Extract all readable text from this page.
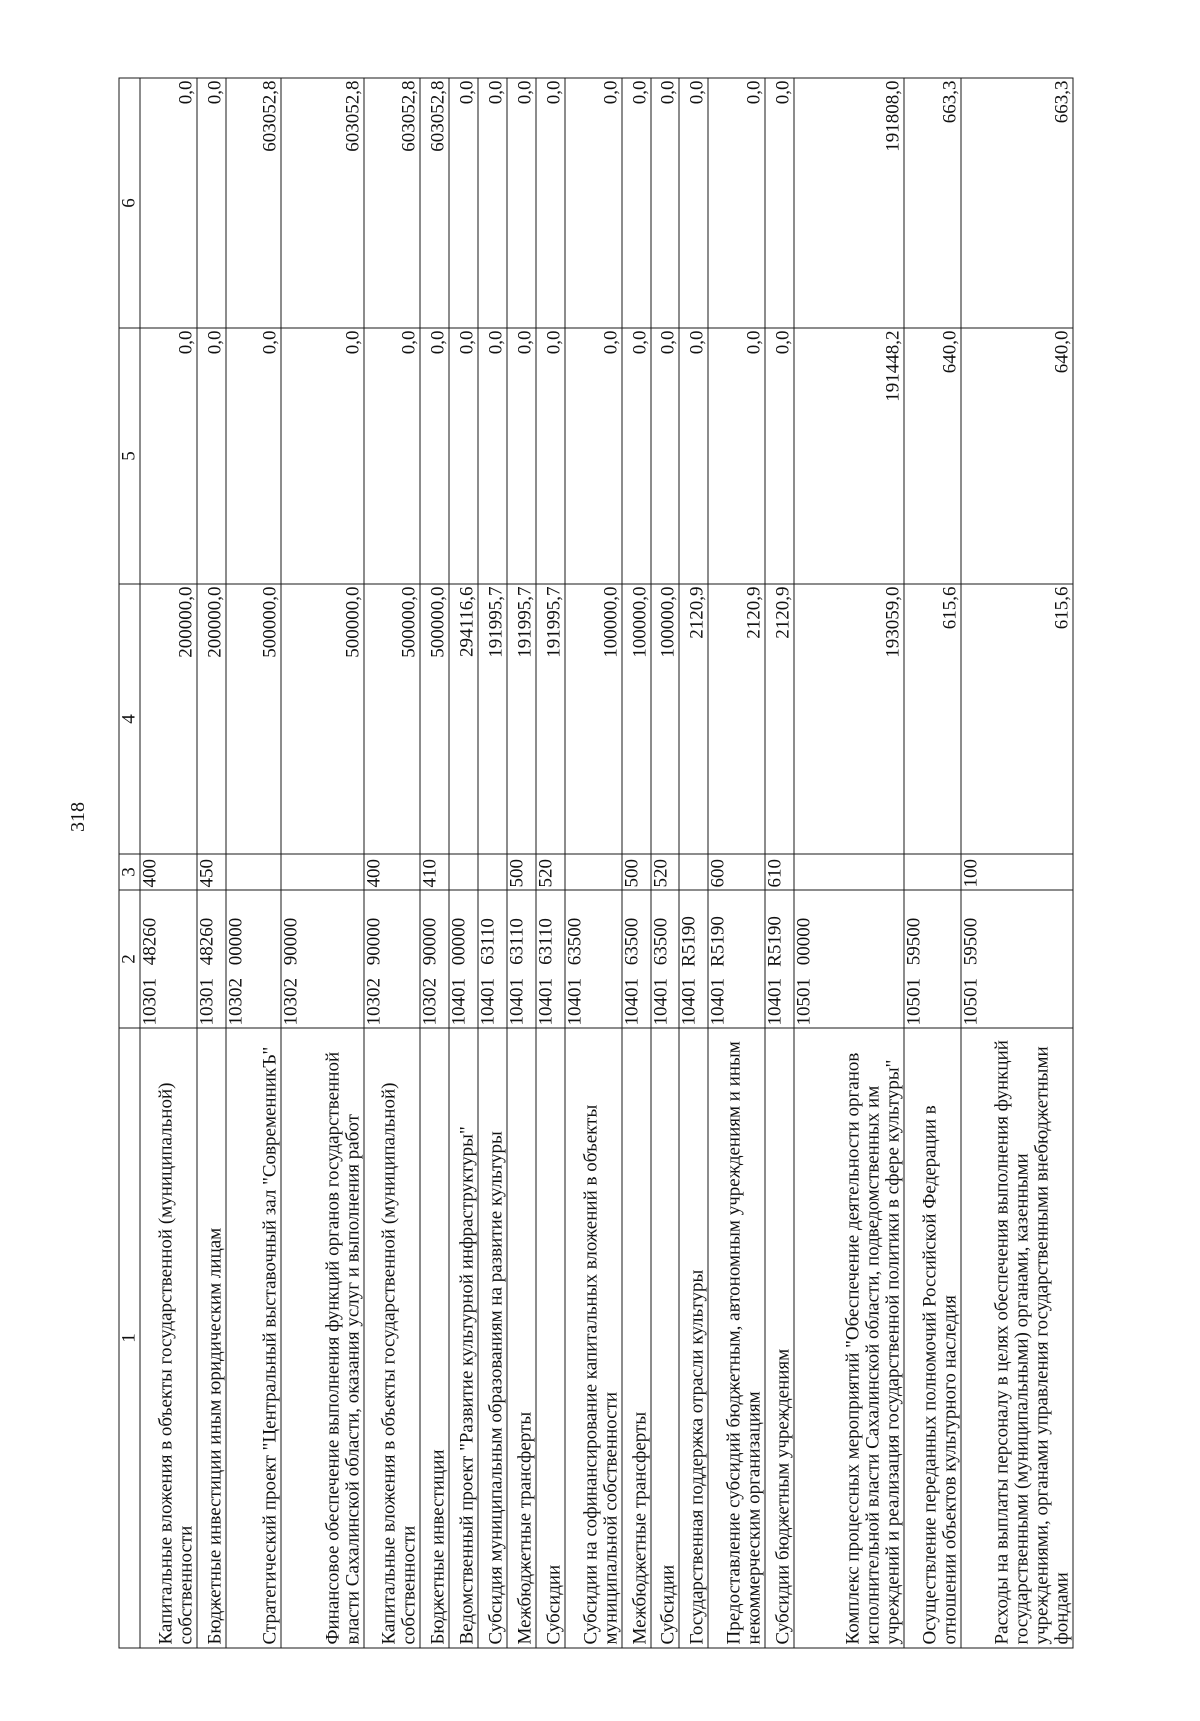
318
1	2	3	4	5	6
Капитальные вложения в объекты государственной (муниципальной) собственности	1030148260	400	200000,0	0,0	0,0
Бюджетные инвестиции иным юридическим лицам	1030148260	450	200000,0	0,0	0,0
Стратегический проект "Центральный выставочный зал "СовременникЪ"	1030200000		500000,0	0,0	603052,8
Финансовое обеспечение выполнения функций органов государственной власти Сахалинской области, оказания услуг и выполнения работ	1030290000		500000,0	0,0	603052,8
Капитальные вложения в объекты государственной (муниципальной) собственности	1030290000	400	500000,0	0,0	603052,8
Бюджетные инвестиции	1030290000	410	500000,0	0,0	603052,8
Ведомственный проект "Развитие культурной инфраструктуры"	1040100000		294116,6	0,0	0,0
Субсидия муниципальным образованиям на развитие культуры	1040163110		191995,7	0,0	0,0
Межбюджетные трансферты	1040163110	500	191995,7	0,0	0,0
Субсидии	1040163110	520	191995,7	0,0	0,0
Субсидии на софинансирование капитальных вложений в объекты муниципальной собственности	1040163500		100000,0	0,0	0,0
Межбюджетные трансферты	1040163500	500	100000,0	0,0	0,0
Субсидии	1040163500	520	100000,0	0,0	0,0
Государственная поддержка отрасли культуры	10401R5190		2120,9	0,0	0,0
Предоставление субсидий бюджетным, автономным учреждениям и иным некоммерческим организациям	10401R5190	600	2120,9	0,0	0,0
Субсидии бюджетным учреждениям	10401R5190	610	2120,9	0,0	0,0
Комплекс процессных мероприятий "Обеспечение деятельности органов исполнительной власти Сахалинской области, подведомственных им учреждений и реализация государственной политики в сфере культуры"	1050100000		193059,0	191448,2	191808,0
Осуществление переданных полномочий Российской Федерации в отношении объектов культурного наследия	1050159500		615,6	640,0	663,3
Расходы на выплаты персоналу в целях обеспечения выполнения функций государственными (муниципальными) органами, казенными учреждениями, органами управления государственными внебюджетными фондами	1050159500	100	615,6	640,0	663,3
